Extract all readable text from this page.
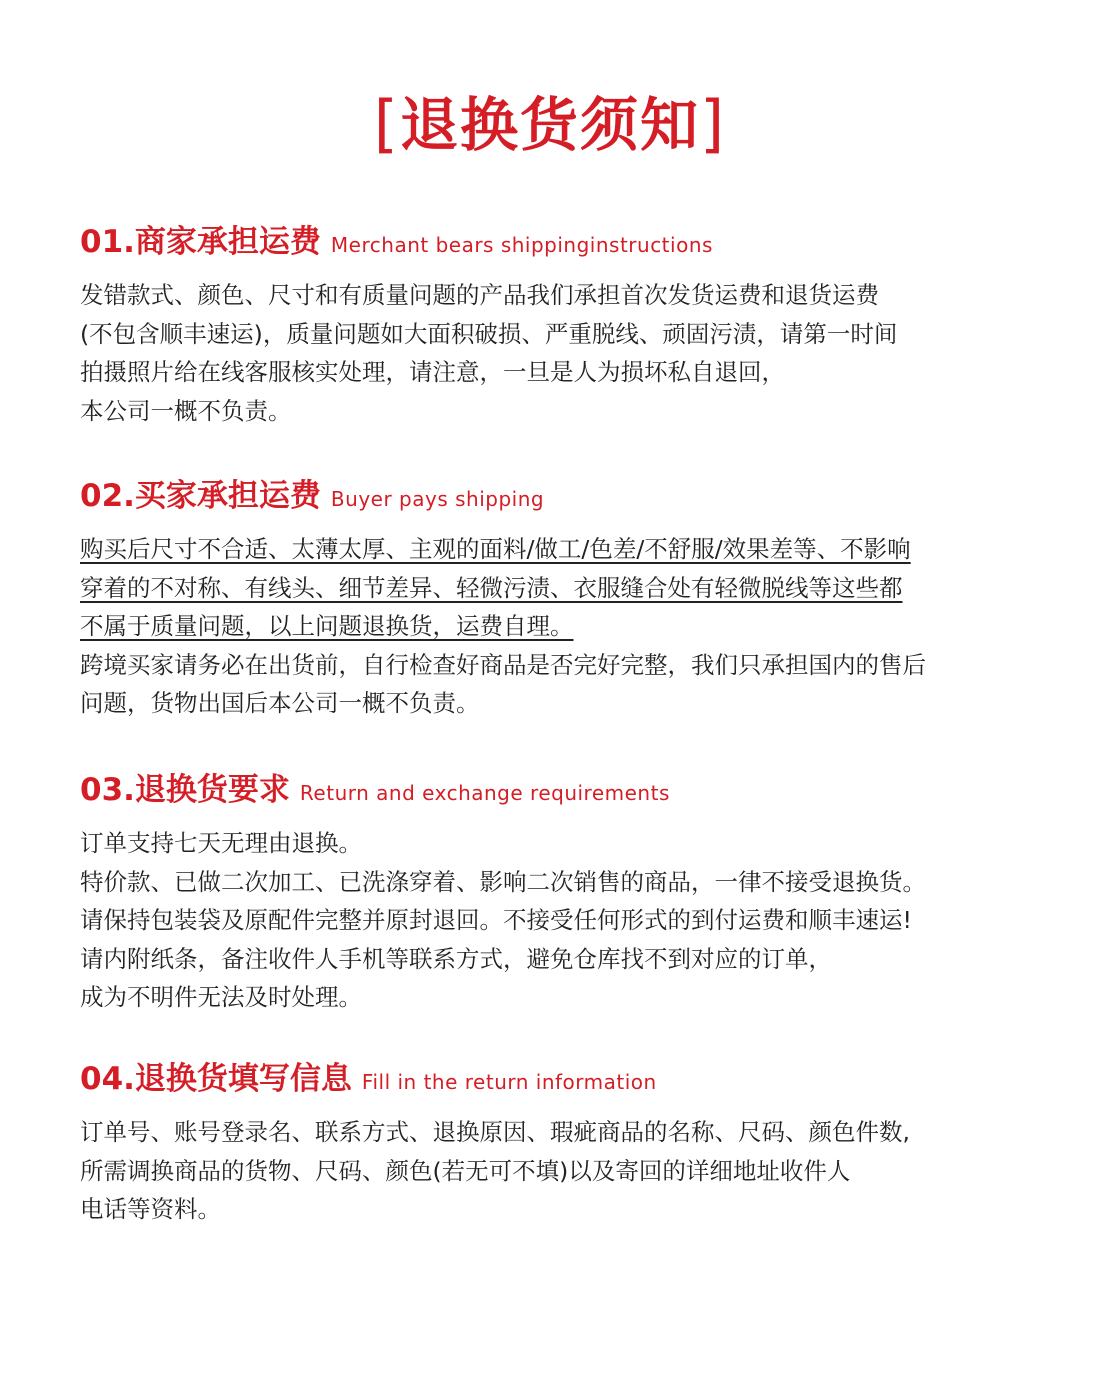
[退换货须知]
01.商家承担运费 Merchant bears shippinginstructions
发错款式、颜色、尺寸和有质量问题的产品我们承担首次发货运费和退货运费
(不包含顺丰速运)，质量问题如大面积破损、严重脱线、顽固污渍，请第一时间
拍摄照片给在线客服核实处理，请注意，一旦是人为损坏私自退回，
本公司一概不负责。
02.买家承担运费 Buyer pays shipping
购买后尺寸不合适、太薄太厚、主观的面料/做工/色差/不舒服/效果差等、不影响
穿着的不对称、有线头、细节差异、轻微污渍、衣服缝合处有轻微脱线等这些都
不属于质量问题，以上问题退换货，运费自理。
跨境买家请务必在出货前，自行检查好商品是否完好完整，我们只承担国内的售后
问题，货物出国后本公司一概不负责。
03.退换货要求 Return and exchange requirements
订单支持七天无理由退换。
特价款、已做二次加工、已洗涤穿着、影响二次销售的商品，一律不接受退换货。
请保持包装袋及原配件完整并原封退回。不接受任何形式的到付运费和顺丰速运!
请内附纸条，备注收件人手机等联系方式，避免仓库找不到对应的订单，
成为不明件无法及时处理。
04.退换货填写信息 Fill in the return information
订单号、账号登录名、联系方式、退换原因、瑕疵商品的名称、尺码、颜色件数,
所需调换商品的货物、尺码、颜色(若无可不填)以及寄回的详细地址收件人
电话等资料。
